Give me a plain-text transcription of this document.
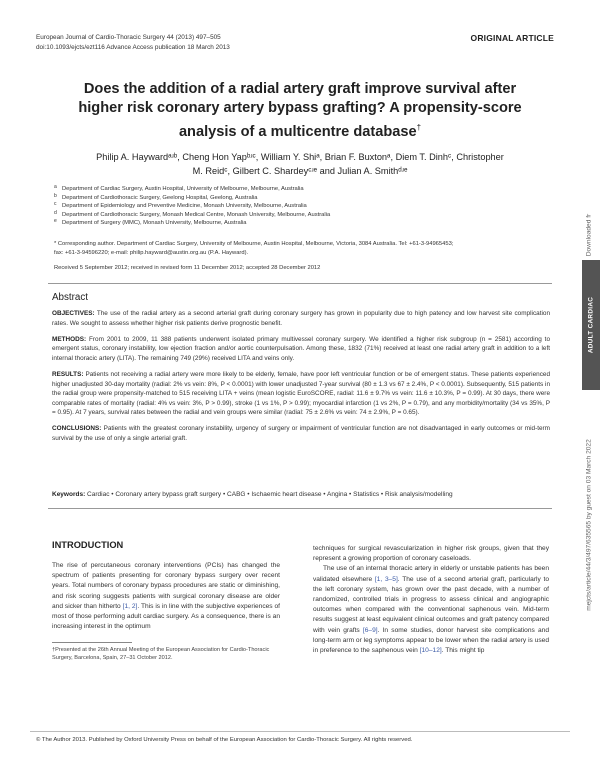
European Journal of Cardio-Thoracic Surgery 44 (2013) 497–505
doi:10.1093/ejcts/ezt116 Advance Access publication 18 March 2013
ORIGINAL ARTICLE
Does the addition of a radial artery graft improve survival after
higher risk coronary artery bypass grafting? A propensity-score
analysis of a multicentre database†
Philip A. Haywardᵃʴᵇ, Cheng Hon Yapᵇʴᶜ, William Y. Shiᵃ, Brian F. Buxtonᵃ, Diem T. Dinhᶜ, Christopher
M. Reidᶜ, Gilbert C. Shardeyᶜʴᵉ and Julian A. Smithᵈʴᵉ
a Department of Cardiac Surgery, Austin Hospital, University of Melbourne, Melbourne, Australia
b Department of Cardiothoracic Surgery, Geelong Hospital, Geelong, Australia
c Department of Epidemiology and Preventive Medicine, Monash University, Melbourne, Australia
d Department of Cardiothoracic Surgery, Monash Medical Centre, Monash University, Melbourne, Australia
e Department of Surgery (MMC), Monash University, Melbourne, Australia
* Corresponding author. Department of Cardiac Surgery, University of Melbourne, Austin Hospital, Melbourne, Victoria, 3084 Australia. Tel: +61-3-94965453;
fax: +61-3-94596220; e-mail: philip.hayward@austin.org.au (P.A. Hayward).
Received 5 September 2012; received in revised form 11 December 2012; accepted 28 December 2012
Abstract

OBJECTIVES: The use of the radial artery as a second arterial graft during coronary surgery has grown in popularity due to high patency and low harvest site complication rates. We sought to assess whether higher risk patients derive prognostic benefit.

METHODS: From 2001 to 2009, 11 388 patients underwent isolated primary multivessel coronary surgery. We identified a higher risk subgroup (n = 2581) according to emergent status, coronary instability, low ejection fraction and/or aortic counterpulsation. Among these, 1832 (71%) received at least one radial artery graft in addition to a left internal thoracic artery (LITA). The remaining 749 (29%) received LITA and veins only.

RESULTS: Patients not receiving a radial artery were more likely to be elderly, female, have poor left ventricular function or be of emergent status. These patients experienced higher unadjusted 30-day mortality (radial: 2% vs vein: 8%, P < 0.0001) with lower unadjusted 7-year survival (80 ± 1.3 vs 67 ± 2.4%, P < 0.0001). Subsequently, 515 patients in the radial group were propensity-matched to 515 receiving LITA + veins (mean logistic EuroSCORE, radial: 11.6 ± 9.7% vs vein: 11.6 ± 10.3%, P = 0.99). At 30 days, there were comparable rates of mortality (radial: 4% vs vein: 3%, P > 0.99), stroke (1 vs 1%, P > 0.99); myocardial infarction (1 vs 2%, P = 0.79), and any morbidity/mortality (34 vs 35%, P = 0.95). At 7 years, survival rates between the radial and vein groups were similar (radial: 75 ± 2.6% vs vein: 74 ± 2.9%, P = 0.65).

CONCLUSIONS: Patients with the greatest coronary instability, urgency of surgery or impairment of ventricular function are not disadvantaged in early outcomes or mid-term survival by the use of only a single arterial graft.

Keywords: Cardiac • Coronary artery bypass graft surgery • CABG • Ischaemic heart disease • Angina • Statistics • Risk analysis/modelling
INTRODUCTION

The rise of percutaneous coronary interventions (PCIs) has changed the spectrum of patients presenting for coronary bypass surgery over recent years. Total numbers of coronary bypass procedures are static or diminishing, and risk scoring suggests patients with surgical coronary disease are older and sicker than hitherto [1, 2]. This is in line with the subjective experiences of most of those performing adult cardiac surgery. As a consequence, there is an increasing interest in the optimum

†Presented at the 26th Annual Meeting of the European Association for Cardio-Thoracic Surgery, Barcelona, Spain, 27–31 October 2012.

techniques for surgical revascularization in higher risk groups, given that they represent a growing proportion of coronary caseloads.

The use of an internal thoracic artery in elderly or unstable patients has been validated elsewhere [1, 3–5]. The use of a second arterial graft, particularly to the left coronary system, has grown over the past decade, with a number of randomized, controlled trials in progress to assess clinical and angiographic outcomes when compared with the conventional saphenous vein. Mid-term results suggest at least equivalent clinical outcomes and graft patency compared with vein grafts [6–9]. In some studies, donor harvest site complications and long-term arm or leg symptoms appear to be lower when the radial artery is used in preference to the saphenous vein [10–12]. This might tip

© The Author 2013. Published by Oxford University Press on behalf of the European Association for Cardio-Thoracic Surgery. All rights reserved.
Downloaded fr
ADULT CARDIAC
mejcts/article/44/3/497/635565 by guest on 03 March 2022
